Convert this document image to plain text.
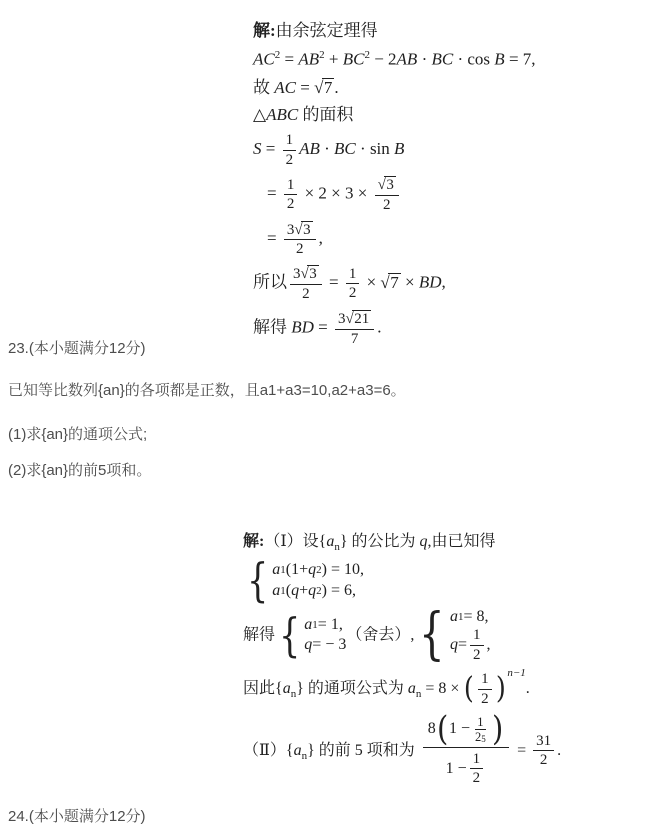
解:由余弦定理得
$AC^2 = AB^2 + BC^2 - 2AB$ · BC · cos B = 7,
故 AC = √ 7 .
△ABC 的面积
$S = \frac{1}{2}$ AB · BC · sin B
= $\frac{1}{2} \times 2 \times 3 \times \frac{√ 3}{2}$
= $\frac{3 √ 3}{2}$ ,
所以 $\frac{3 √ 3}{2} = \frac{1}{2}$ × √ 7 × BD,
解得 BD = $\frac{3 √ 21}{7}$ .
23.(本小题满分12分)
已知等比数列{an}的各项都是正数，且a1+a3=10,a2+a3=6。
(1)求{an}的通项公式;
(2)求{an}的前5项和。
解:（Ⅰ）设$\{a_n\}$ 的公比为 q,由已知得
{ a 1 (1+ q 2 ) = 10,
a 1 ( q + q 2 ) = 6,
解得 { a 1 = 1,
q = − 3
（舍去）, { a 1 = 8,
$q = \frac{1}{2}$ ,
因此$\{a_n\}$ 的通项公式为 $a_n = 8$ × ( $\frac{1}{2}$ ) $^{n-1}$.
$(Ⅱ)\{a_n\}$ 的前 5 项和为 $\frac{8 ( 1 - \frac{1}{2 5} )}{1 - \frac{1}{2}} = \frac{31}{2}$ .
24.(本小题满分12分)
